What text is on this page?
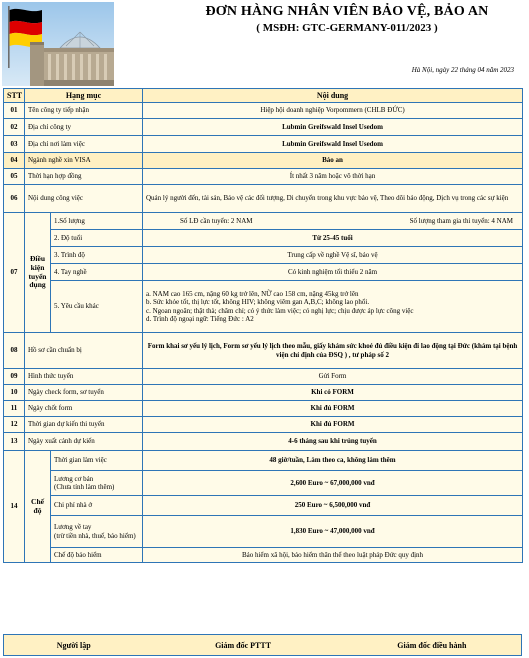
ĐƠN HÀNG NHÂN VIÊN BẢO VỆ, BẢO AN
( MSĐH: GTC-GERMANY-011/2023 )
Hà Nội, ngày 22 tháng 04 năm 2023
STT	Hạng mục		Nội dung
01	Tên công ty tiếp nhận		Hiệp hội doanh nghiệp Vorpommern (CHLB ĐỨC)
02	Địa chỉ công ty		Lubmin Greifswald Insel Usedom
03	Địa chỉ nơi làm việc		Lubmin Greifswald Insel Usedom
04	Ngành nghề xin VISA		Bảo an
05	Thời hạn hợp đồng		Ít nhất 3 năm hoặc vô thời hạn
06	Nội dung công việc		Quản lý người đến, tài sản, Bảo vệ các đối tượng, Di chuyển trong khu vực bảo vệ, Theo dõi báo động, Dịch vụ trong các sự kiện
07	Điều kiện tuyển dụng	1.Số lượng	Số LĐ cần tuyển: 2 NAM Số lượng tham gia thi tuyển: 4 NAM

		2. Độ tuổi	Từ 25-45 tuổi
		3. Trình độ	Trung cấp về nghề Vệ sĩ, bảo vệ
		4. Tay nghề	Có kinh nghiệm tối thiểu 2 năm
		5. Yêu cầu khác	a. NAM cao 165 cm, nặng 60 kg trở lên, NỮ cao 158 cm, nặng 45kg trở lên
b. Sức khỏe tốt, thị lực tốt, không HIV; không viêm gan A,B,C; không lao phổi.
c. Ngoan ngoãn; thật thà; chăm chỉ; có ý thức làm việc; có nghị lực; chịu được áp lực công việc
d. Trình độ ngoại ngữ: Tiếng Đức : A2

08	Hồ sơ cần chuẩn bị		Form khai sơ yếu lý lịch, Form sơ yếu lý lịch theo mẫu, giấy khám sức khoẻ đủ điều kiện đi lao động tại Đức (khám tại bệnh viện chỉ định của ĐSQ ) , tư pháp số 2
09	Hình thức tuyển		Gửi Form
10	Ngày check form, sơ tuyển		Khi có FORM
11	Ngày chốt form		Khi đủ FORM
12	Thời gian dự kiến thi tuyển		Khi đủ FORM
13	Ngày xuất cảnh dự kiến		4-6 tháng sau khi trúng tuyển
14	Chế độ	Thời gian làm việc	48 giờ/tuần, Làm theo ca, không làm thêm
		Lương cơ bản
(Chưa tính làm thêm)	2,600 Euro ~ 67,000,000 vnđ
		Chi phí nhà ở	250 Euro ~ 6,500,000 vnđ
		Lương về tay
(trừ tiền nhà, thuế, bảo hiểm)	1,830 Euro ~ 47,000,000 vnđ
		Chế độ bảo hiểm	Bảo hiểm xã hội, bảo hiểm thân thể theo luật pháp Đức quy định
Người lập	Giám đốc PTTT	Giám đốc điều hành
